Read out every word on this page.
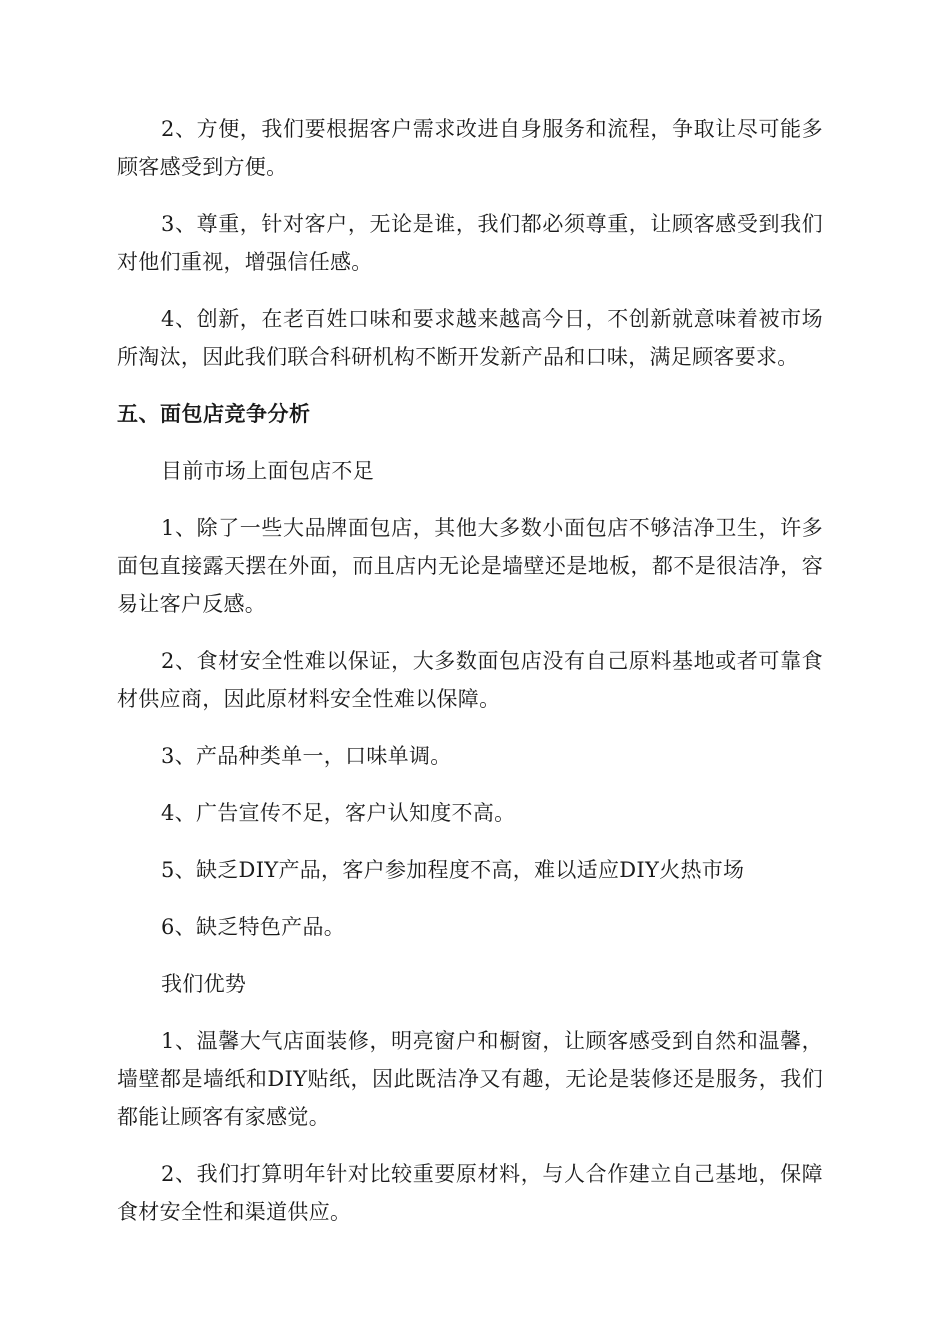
2、方便，我们要根据客户需求改进自身服务和流程，争取让尽可能多顾客感受到方便。

3、尊重，针对客户，无论是谁，我们都必须尊重，让顾客感受到我们对他们重视，增强信任感。

4、创新，在老百姓口味和要求越来越高今日，不创新就意味着被市场所淘汰，因此我们联合科研机构不断开发新产品和口味，满足顾客要求。

五、面包店竞争分析

目前市场上面包店不足

1、除了一些大品牌面包店，其他大多数小面包店不够洁净卫生，许多面包直接露天摆在外面，而且店内无论是墙壁还是地板，都不是很洁净，容易让客户反感。

2、食材安全性难以保证，大多数面包店没有自己原料基地或者可靠食材供应商，因此原材料安全性难以保障。

3、产品种类单一，口味单调。

4、广告宣传不足，客户认知度不高。

5、缺乏DIY产品，客户参加程度不高，难以适应DIY火热市场

6、缺乏特色产品。

我们优势

1、温馨大气店面装修，明亮窗户和橱窗，让顾客感受到自然和温馨，墙壁都是墙纸和DIY贴纸，因此既洁净又有趣，无论是装修还是服务，我们都能让顾客有家感觉。

2、我们打算明年针对比较重要原材料，与人合作建立自己基地，保障食材安全性和渠道供应。
